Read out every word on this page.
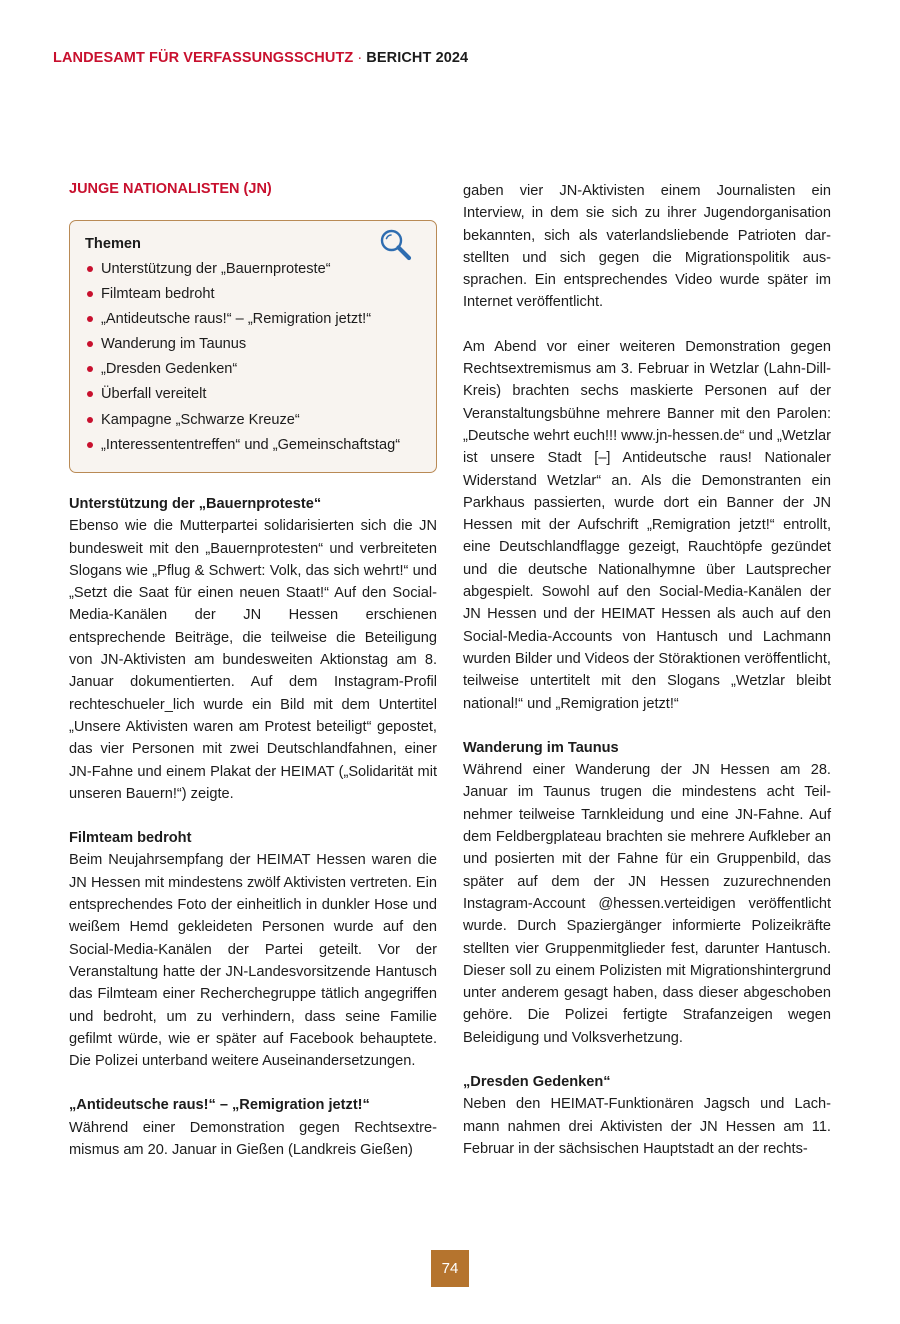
LANDESAMT FÜR VERFASSUNGSSCHUTZ · BERICHT 2024
JUNGE NATIONALISTEN (JN)
Themen
Unterstützung der „Bauernproteste“
Filmteam bedroht
„Antideutsche raus!“ – „Remigration jetzt!“
Wanderung im Taunus
„Dresden Gedenken“
Überfall vereitelt
Kampagne „Schwarze Kreuze“
„Interessententreffen“ und „Gemeinschaftstag“
Unterstützung der „Bauernproteste“

Ebenso wie die Mutterpartei solidarisierten sich die JN bundesweit mit den „Bauernprotesten“ und verbreiteten Slogans wie „Pflug & Schwert: Volk, das sich wehrt!“ und „Setzt die Saat für einen neuen Staat!“ Auf den Social-Media-Kanälen der JN Hessen erschienen entsprechende Beiträge, die teilweise die Beteiligung von JN-Aktivisten am bundesweiten Aktionstag am 8. Januar dokumentierten. Auf dem Instagram-Profil rechteschueler_lich wurde ein Bild mit dem Untertitel „Unsere Aktivisten waren am Protest beteiligt“ gepostet, das vier Personen mit zwei Deutschlandfahnen, einer JN-Fahne und einem Plakat der HEIMAT („Solidarität mit unseren Bauern!“) zeigte.

Filmteam bedroht

Beim Neujahrsempfang der HEIMAT Hessen waren die JN Hessen mit mindestens zwölf Aktivisten vertreten. Ein entsprechendes Foto der einheitlich in dunkler Hose und weißem Hemd gekleideten Personen wurde auf den Social-Media-Kanälen der Partei geteilt. Vor der Veranstaltung hatte der JN-Landesvorsitzende Hantusch das Filmteam einer Recherchegruppe tätlich angegriffen und bedroht, um zu verhindern, dass seine Familie gefilmt würde, wie er später auf Facebook behauptete. Die Polizei unterband weitere Auseinandersetzungen.

„Antideutsche raus!“ – „Remigration jetzt!“

Während einer Demonstration gegen Rechtsextremismus am 20. Januar in Gießen (Landkreis Gießen)

gaben vier JN-Aktivisten einem Journalisten ein Interview, in dem sie sich zu ihrer Jugendorganisation bekannten, sich als vaterlandsliebende Patrioten darstellten und sich gegen die Migrationspolitik aussprachen. Ein entsprechendes Video wurde später im Internet veröffentlicht.

Am Abend vor einer weiteren Demonstration gegen Rechtsextremismus am 3. Februar in Wetzlar (Lahn-Dill-Kreis) brachten sechs maskierte Personen auf der Veranstaltungsbühne mehrere Banner mit den Parolen: „Deutsche wehrt euch!!! www.jn-hessen.de“ und „Wetzlar ist unsere Stadt [–] Antideutsche raus! Nationaler Widerstand Wetzlar“ an. Als die Demonstranten ein Parkhaus passierten, wurde dort ein Banner der JN Hessen mit der Aufschrift „Remigration jetzt!“ entrollt, eine Deutschlandflagge gezeigt, Rauchtöpfe gezündet und die deutsche Nationalhymne über Lautsprecher abgespielt. Sowohl auf den Social-Media-Kanälen der JN Hessen und der HEIMAT Hessen als auch auf den Social-Media-Accounts von Hantusch und Lachmann wurden Bilder und Videos der Störaktionen veröffentlicht, teilweise untertitelt mit den Slogans „Wetzlar bleibt national!“ und „Remigration jetzt!“

Wanderung im Taunus

Während einer Wanderung der JN Hessen am 28. Januar im Taunus trugen die mindestens acht Teilnehmer teilweise Tarnkleidung und eine JN-Fahne. Auf dem Feldbergplateau brachten sie mehrere Aufkleber an und posierten mit der Fahne für ein Gruppenbild, das später auf dem der JN Hessen zuzurechnenden Instagram-Account @hessen.verteidigen veröffentlicht wurde. Durch Spaziergänger informierte Polizeikräfte stellten vier Gruppenmitglieder fest, darunter Hantusch. Dieser soll zu einem Polizisten mit Migrationshintergrund unter anderem gesagt haben, dass dieser abgeschoben gehöre. Die Polizei fertigte Strafanzeigen wegen Beleidigung und Volksverhetzung.

„Dresden Gedenken“

Neben den HEIMAT-Funktionären Jagsch und Lachmann nahmen drei Aktivisten der JN Hessen am 11. Februar in der sächsischen Hauptstadt an der rechts-

74
